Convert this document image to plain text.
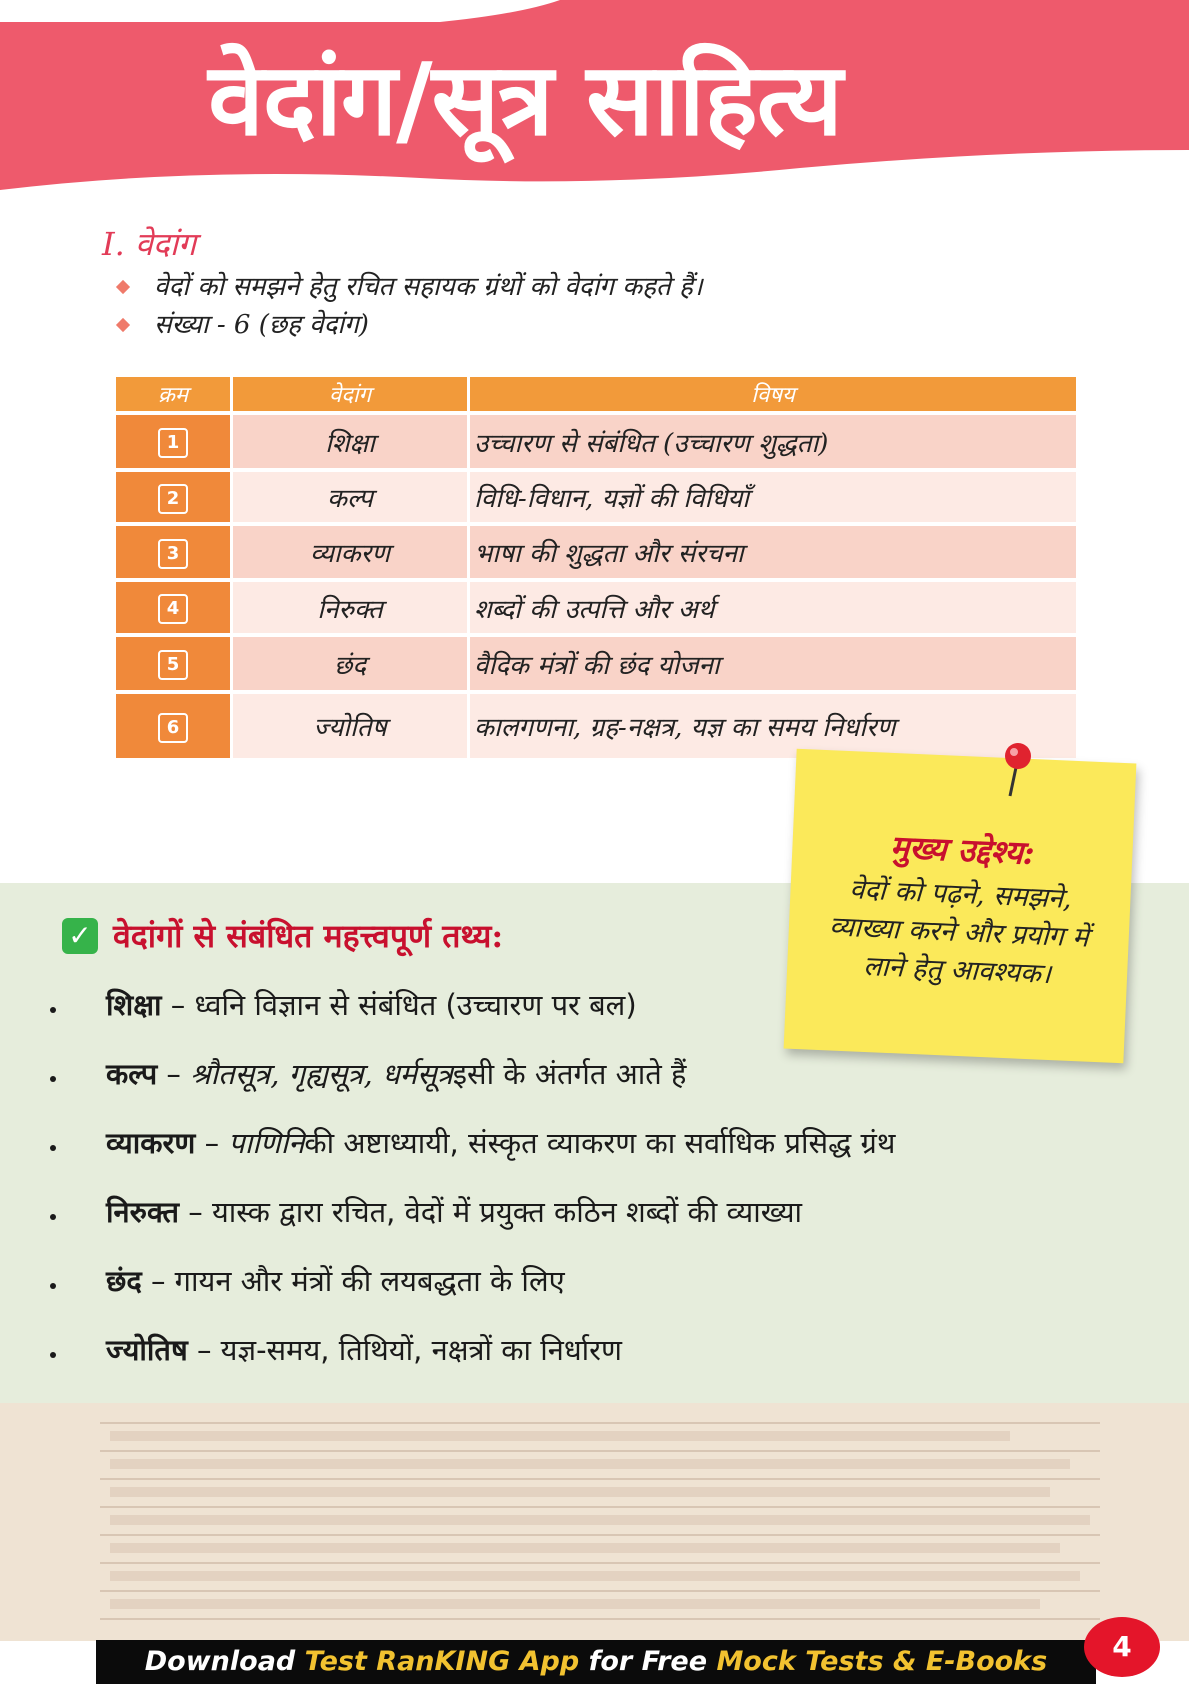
वेदांग/सूत्र साहित्य
I. वेदांग
वेदों को समझने हेतु रचित सहायक ग्रंथों को वेदांग कहते हैं।
संख्या - 6 (छह वेदांग)
क्रम	वेदांग	विषय
1	शिक्षा	उच्चारण से संबंधित (उच्चारण शुद्धता)
2	कल्प	विधि-विधान, यज्ञों की विधियाँ
3	व्याकरण	भाषा की शुद्धता और संरचना
4	निरुक्त	शब्दों की उत्पत्ति और अर्थ
5	छंद	वैदिक मंत्रों की छंद योजना
6	ज्योतिष	कालगणना, ग्रह-नक्षत्र, यज्ञ का समय निर्धारण
✓ वेदांगों से संबंधित महत्त्वपूर्ण तथ्य:
शिक्षा – ध्वनि विज्ञान से संबंधित (उच्चारण पर बल)
कल्प – श्रौतसूत्र, गृह्यसूत्र, धर्मसूत्रइसी के अंतर्गत आते हैं
व्याकरण – पाणिनिकी अष्टाध्यायी, संस्कृत व्याकरण का सर्वाधिक प्रसिद्ध ग्रंथ
निरुक्त – यास्क द्वारा रचित, वेदों में प्रयुक्त कठिन शब्दों की व्याख्या
छंद – गायन और मंत्रों की लयबद्धता के लिए
ज्योतिष – यज्ञ-समय, तिथियों, नक्षत्रों का निर्धारण
मुख्य उद्देश्य:
वेदों को पढ़ने, समझने, व्याख्या करने और प्रयोग में लाने हेतु आवश्यक।
Download Test RanKING App for Free Mock Tests & E-Books	4
